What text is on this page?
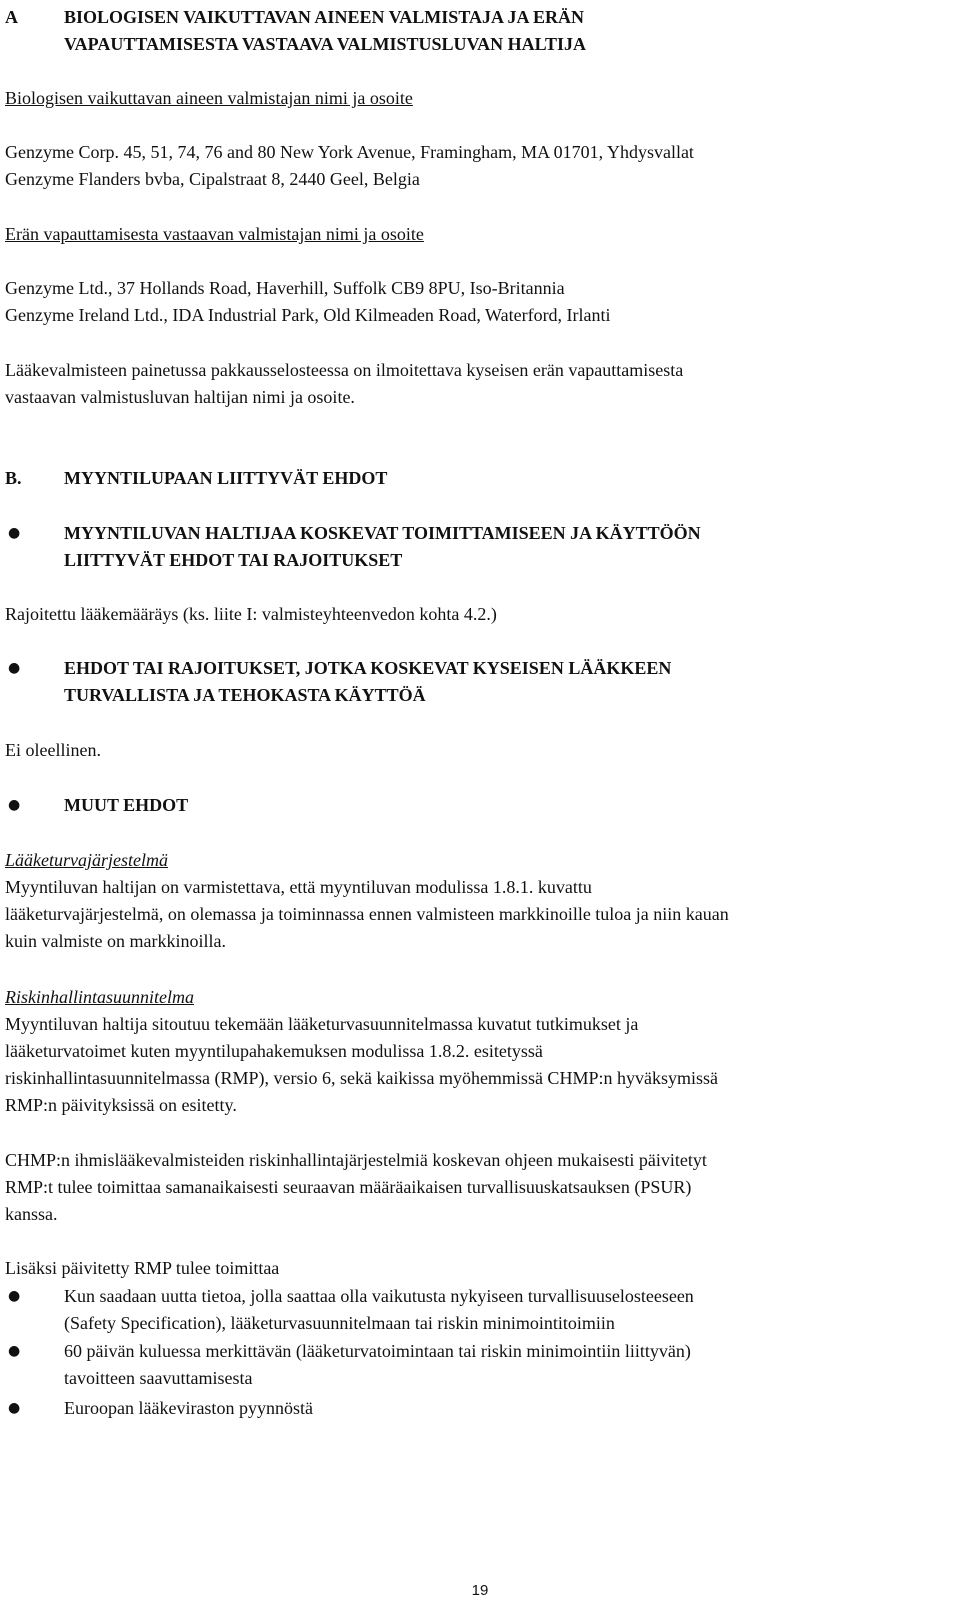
A	BIOLOGISEN VAIKUTTAVAN AINEEN VALMISTAJA JA ERÄN
VAPAUTTAMISESTA VASTAAVA VALMISTUSLUVAN HALTIJA
Biologisen vaikuttavan aineen valmistajan nimi ja osoite
Genzyme Corp. 45, 51, 74, 76 and 80 New York Avenue, Framingham, MA 01701, Yhdysvallat
Genzyme Flanders bvba, Cipalstraat 8, 2440 Geel, Belgia
Erän vapauttamisesta vastaavan valmistajan nimi ja osoite
Genzyme Ltd., 37 Hollands Road, Haverhill, Suffolk CB9 8PU, Iso-Britannia
Genzyme Ireland Ltd., IDA Industrial Park, Old Kilmeaden Road, Waterford, Irlanti
Lääkevalmisteen painetussa pakkausselosteessa on ilmoitettava kyseisen erän vapauttamisesta
vastaavan valmistusluvan haltijan nimi ja osoite.
B. MYYNTILUPAAN LIITTYVÄT EHDOT
● MYYNTILUVAN HALTIJAA KOSKEVAT TOIMITTAMISEEN JA KÄYTTÖÖN
LIITTYVÄT EHDOT TAI RAJOITUKSET
Rajoitettu lääkemääräys (ks. liite I: valmisteyhteenvedon kohta 4.2.)
● EHDOT TAI RAJOITUKSET, JOTKA KOSKEVAT KYSEISEN LÄÄKKEEN
TURVALLISTA JA TEHOKASTA KÄYTTÖÄ
Ei oleellinen.
● MUUT EHDOT
Lääketurvajärjestelmä
Myyntiluvan haltijan on varmistettava, että myyntiluvan modulissa 1.8.1. kuvattu
lääketurvajärjestelmä, on olemassa ja toiminnassa ennen valmisteen markkinoille tuloa ja niin kauan
kuin valmiste on markkinoilla.
Riskinhallintasuunnitelma
Myyntiluvan haltija sitoutuu tekemään lääketurvasuunnitelmassa kuvatut tutkimukset ja
lääketurvatoimet kuten myyntilupahakemuksen modulissa 1.8.2. esitetyssä
riskinhallintasuunnitelmassa (RMP), versio 6, sekä kaikissa myöhemmissä CHMP:n hyväksymissä
RMP:n päivityksissä on esitetty.
CHMP:n ihmislääkevalmisteiden riskinhallintajärjestelmiä koskevan ohjeen mukaisesti päivitetyt
RMP:t tulee toimittaa samanaikaisesti seuraavan määräaikaisen turvallisuuskatsauksen (PSUR)
kanssa.
Lisäksi päivitetty RMP tulee toimittaa
● Kun saadaan uutta tietoa, jolla saattaa olla vaikutusta nykyiseen turvallisuuselosteeseen
(Safety Specification), lääketurvasuunnitelmaan tai riskin minimointitoimiin
● 60 päivän kuluessa merkittävän (lääketurvatoimintaan tai riskin minimointiin liittyvän)
tavoitteen saavuttamisesta
● Euroopan lääkeviraston pyynnöstä
19
